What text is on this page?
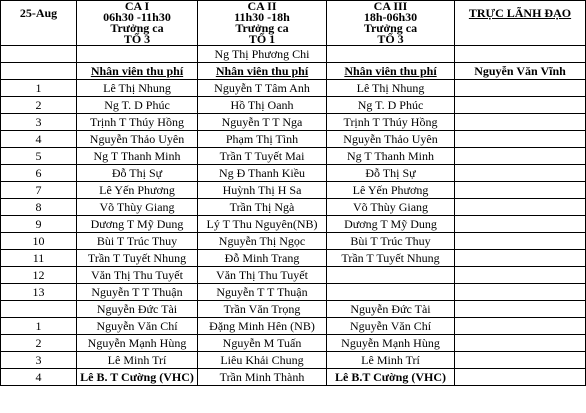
25-Aug	CA I
06h30 -11h30
Trưởng ca
TỔ 3	CA II
11h30 -18h
Trưởng ca
TỔ 1	CA III
18h-06h30
Trưởng ca
TỔ 3	TRỰC LÃNH ĐẠO
		Ng Thị Phương Chi		
	Nhân viên thu phí	Nhân viên thu phí	Nhân viên thu phí	Nguyễn Văn Vĩnh
1	Lê Thị Nhung	Nguyễn T Tâm Anh	Lê Thị Nhung	
2	Ng T. D Phúc	Hồ Thị Oanh	Ng T. D Phúc	
3	Trịnh T Thúy Hồng	Nguyễn T T Nga	Trịnh T Thúy Hồng	
4	Nguyễn Thảo Uyên	Phạm Thị Tình	Nguyễn Thảo Uyên	
5	Ng T Thanh Minh	Trần T Tuyết Mai	Ng T Thanh Minh	
6	Đỗ Thị Sự	Ng Đ Thanh Kiều	Đỗ Thị Sự	
7	Lê Yến Phương	Huỳnh Thị H Sa	Lê Yến Phương	
8	Võ Thùy Giang	Trần Thị Ngà	Võ Thùy Giang	
9	Dương T Mỹ Dung	Lý T Thu Nguyên(NB)	Dương T Mỹ Dung	
10	Bùi T Trúc Thuy	Nguyễn Thị Ngọc	Bùi T Trúc Thuy	
11	Trần T Tuyết Nhung	Đỗ Minh Trang	Trần T Tuyết Nhung	
12	Văn Thị Thu Tuyết	Văn Thị Thu Tuyết		
13	Nguyễn T T Thuận	Nguyễn T T Thuận		
	Nguyễn Đức Tài	Trần Văn Trọng	Nguyễn Đức Tài	
1	Nguyễn Văn Chí	Đặng Minh Hên (NB)	Nguyễn Văn Chí	
2	Nguyễn Mạnh Hùng	Nguyễn M Tuấn	Nguyễn Mạnh Hùng	
3	Lê Minh Trí	Liêu Khải Chung	Lê Minh Trí	
4	Lê B. T Cường (VHC)	Trần Minh Thành	Lê B.T Cường (VHC)	
